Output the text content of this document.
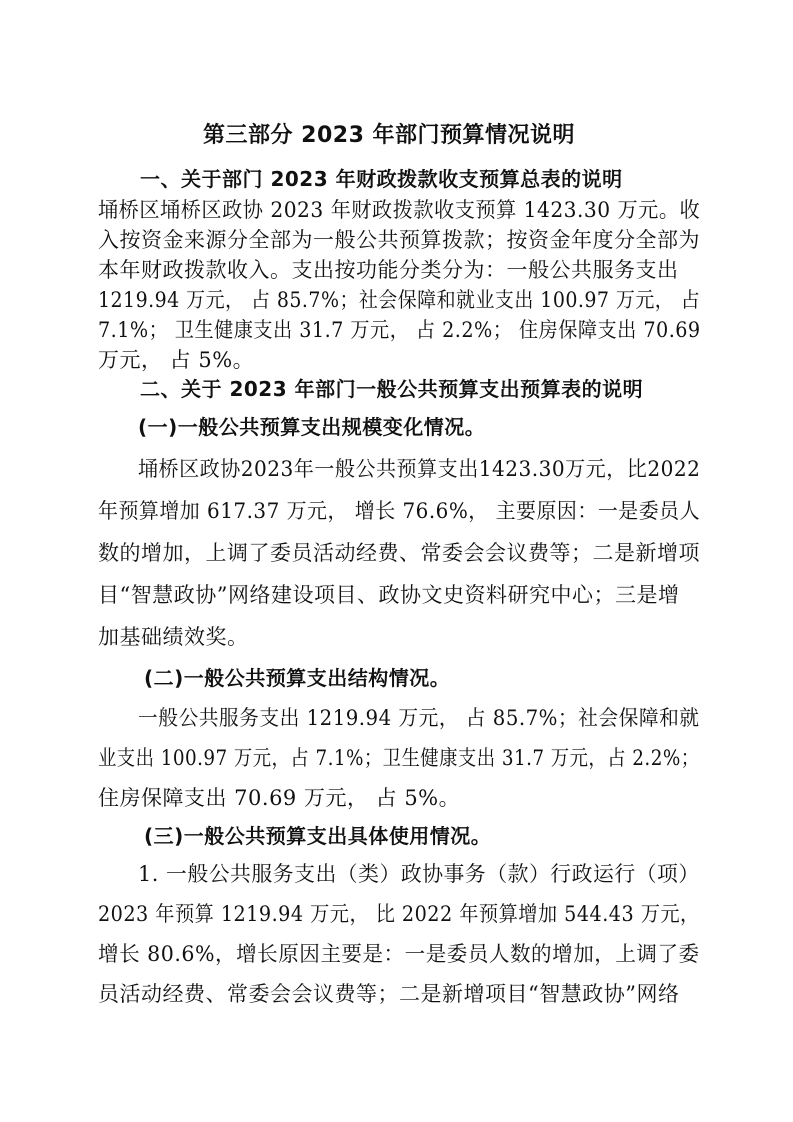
第三部分 2023 年部门预算情况说明
一、关于部门 2023 年财政拨款收支预算总表的说明
埇桥区埇桥区政协 2023 年财政拨款收支预算 1423.30 万元。收
入按资金来源分全部为一般公共预算拨款；按资金年度分全部为
本年财政拨款收入。支出按功能分类分为：一般公共服务支出
1219.94 万元， 占 85.7%；社会保障和就业支出 100.97 万元， 占
7.1%； 卫生健康支出 31.7 万元， 占 2.2%； 住房保障支出 70.69
万元， 占 5%。
二、关于 2023 年部门一般公共预算支出预算表的说明
(一)一般公共预算支出规模变化情况。
埇桥区政协2023年一般公共预算支出1423.30万元，比2022
年预算增加 617.37 万元， 增长 76.6%， 主要原因：一是委员人
数的增加，上调了委员活动经费、常委会会议费等；二是新增项
目“智慧政协”网络建设项目、政协文史资料研究中心；三是增
加基础绩效奖。
(二)一般公共预算支出结构情况。
一般公共服务支出 1219.94 万元， 占 85.7%；社会保障和就
业支出 100.97 万元，占 7.1%；卫生健康支出 31.7 万元，占 2.2%；
住房保障支出 70.69 万元， 占 5%。
(三)一般公共预算支出具体使用情况。
1. 一般公共服务支出（类）政协事务（款）行政运行（项）
2023 年预算 1219.94 万元， 比 2022 年预算增加 544.43 万元，
增长 80.6%，增长原因主要是：一是委员人数的增加，上调了委
员活动经费、常委会会议费等；二是新增项目“智慧政协”网络
